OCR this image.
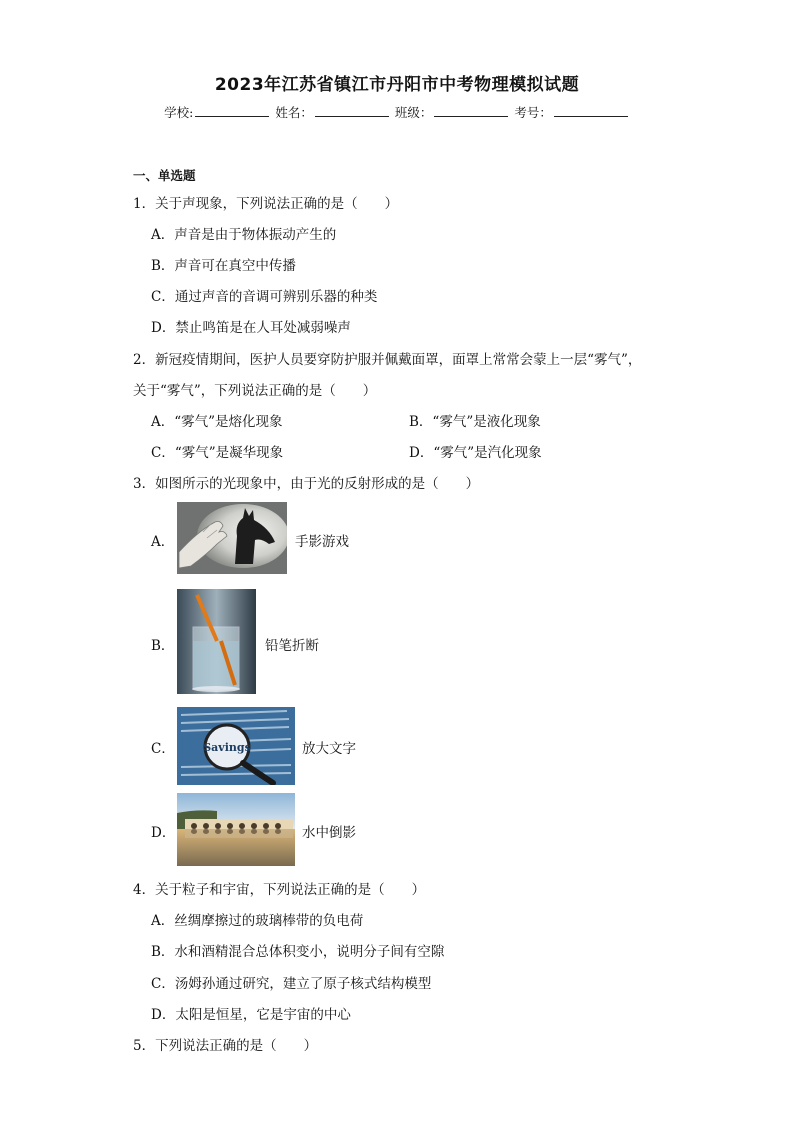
2023年江苏省镇江市丹阳市中考物理模拟试题
学校:	姓名：	班级：	考号：
一、单选题
1．关于声现象，下列说法正确的是（　　）
A．声音是由于物体振动产生的
B．声音可在真空中传播
C．通过声音的音调可辨别乐器的种类
D．禁止鸣笛是在人耳处减弱噪声
2．新冠疫情期间，医护人员要穿防护服并佩戴面罩，面罩上常常会蒙上一层“雾气”，
关于“雾气”，下列说法正确的是（　　）
A．“雾气”是熔化现象	B．“雾气”是液化现象
C．“雾气”是凝华现象	D．“雾气”是汽化现象
3．如图所示的光现象中，由于光的反射形成的是（　　）
A．	手影游戏
B．	铅笔折断
C．	Savings	放大文字
D．	水中倒影
4．关于粒子和宇宙，下列说法正确的是（　　）
A．丝绸摩擦过的玻璃棒带的负电荷
B．水和酒精混合总体积变小，说明分子间有空隙
C．汤姆孙通过研究，建立了原子核式结构模型
D．太阳是恒星，它是宇宙的中心
5．下列说法正确的是（　　）
